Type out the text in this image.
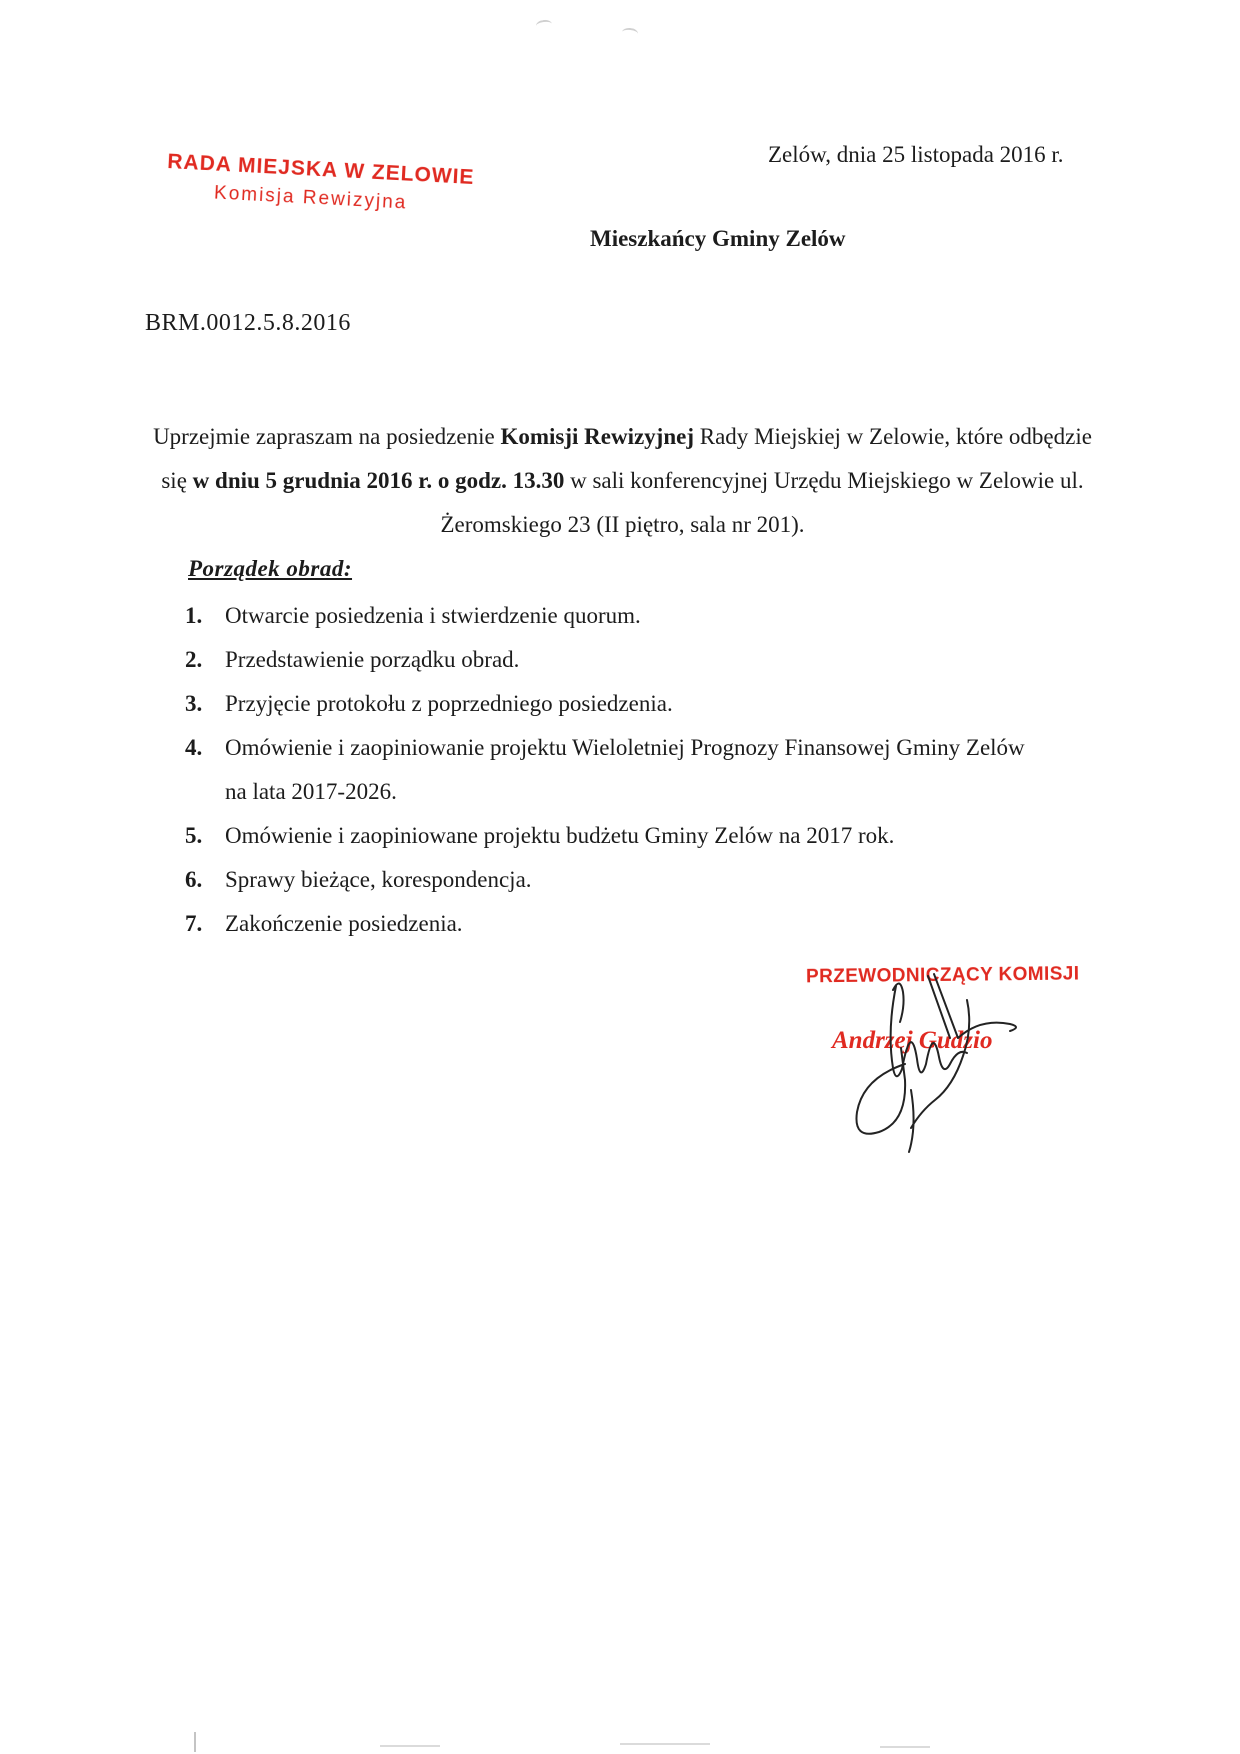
RADA MIEJSKA W ZELOWIE
Komisja Rewizyjna
Zelów, dnia 25 listopada 2016 r.
Mieszkańcy Gminy Zelów
BRM.0012.5.8.2016

Uprzejmie zapraszam na posiedzenie Komisji Rewizyjnej Rady Miejskiej w Zelowie, które odbędzie się w dniu 5 grudnia 2016 r. o godz. 13.30 w sali konferencyjnej Urzędu Miejskiego w Zelowie ul. Żeromskiego 23 (II piętro, sala nr 201).

Porządek obrad:
1. Otwarcie posiedzenia i stwierdzenie quorum.
2. Przedstawienie porządku obrad.
3. Przyjęcie protokołu z poprzedniego posiedzenia.
4. Omówienie i zaopiniowanie projektu Wieloletniej Prognozy Finansowej Gminy Zelów na lata 2017-2026.
5. Omówienie i zaopiniowane projektu budżetu Gminy Zelów na 2017 rok.
6. Sprawy bieżące, korespondencja.
7. Zakończenie posiedzenia.
PRZEWODNICZĄCY KOMISJI
Andrzej Gudzio
